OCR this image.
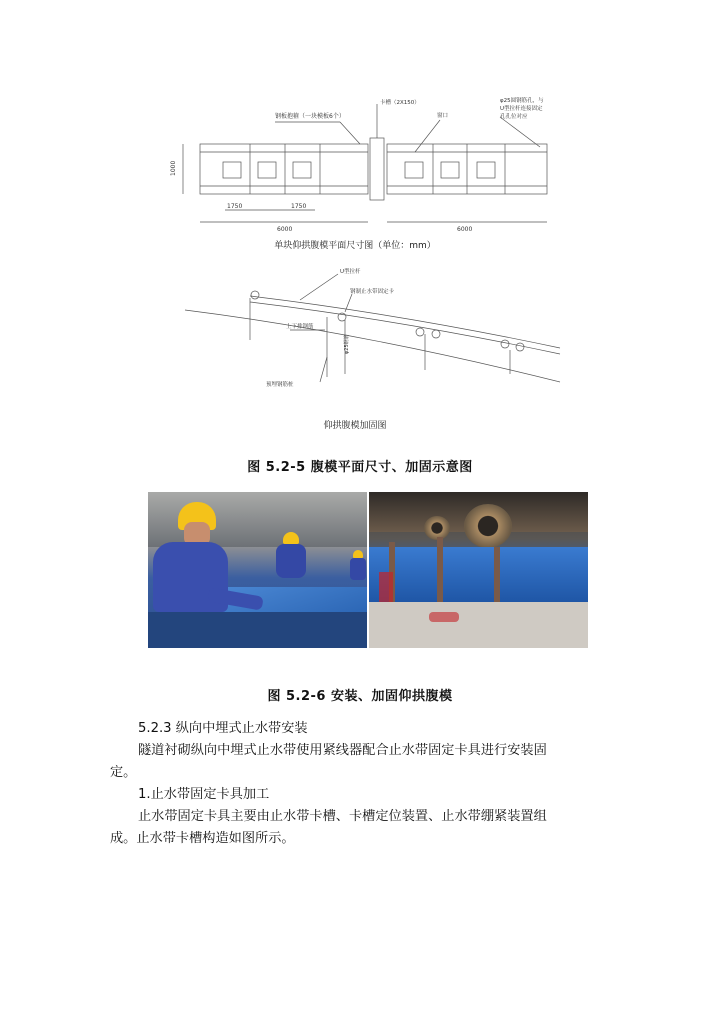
钢板抱箍（一块模板6个）
卡槽（2X150）
窗口
φ25圆钢筋孔，与
U型拉杆连接固定
孔孔位对应
1750	1750
6000	6000
1000
单块仰拱腹模平面尺寸图（单位：mm）
U型拉杆
钢制止水带固定卡
上下排钢筋
φ25钢筋
预埋钢筋桩
仰拱腹模加固图
图 5.2-5 腹模平面尺寸、加固示意图
图 5.2-6 安装、加固仰拱腹模
5.2.3 纵向中埋式止水带安装
隧道衬砌纵向中埋式止水带使用紧线器配合止水带固定卡具进行安装固
定。
1.止水带固定卡具加工
止水带固定卡具主要由止水带卡槽、卡槽定位装置、止水带绷紧装置组
成。止水带卡槽构造如图所示。
